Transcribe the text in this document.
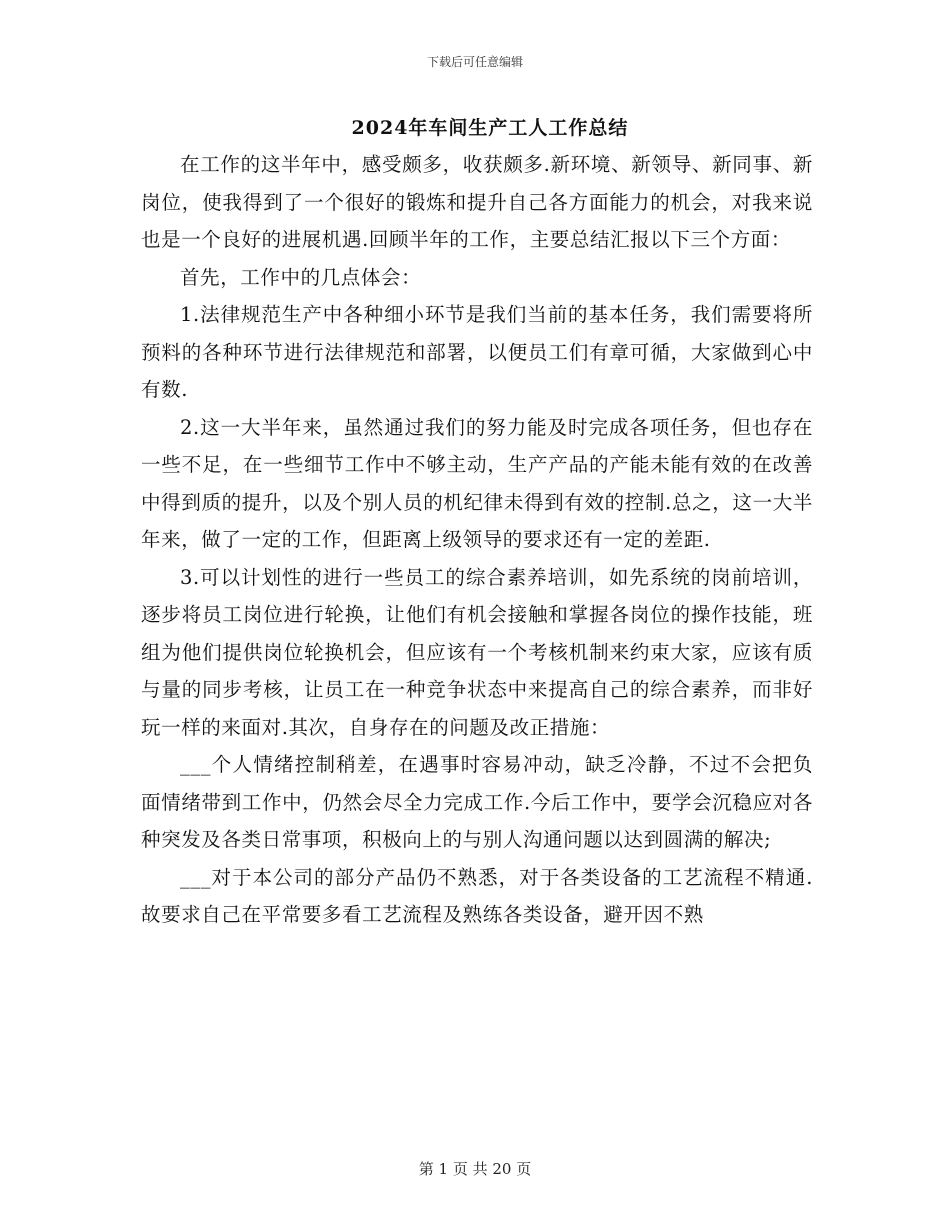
下载后可任意编辑
2024年车间生产工人工作总结

在工作的这半年中，感受颇多，收获颇多.新环境、新领导、新同事、新岗位，使我得到了一个很好的锻炼和提升自己各方面能力的机会，对我来说也是一个良好的进展机遇.回顾半年的工作，主要总结汇报以下三个方面：

首先，工作中的几点体会：

1.法律规范生产中各种细小环节是我们当前的基本任务，我们需要将所预料的各种环节进行法律规范和部署，以便员工们有章可循，大家做到心中有数.

2.这一大半年来，虽然通过我们的努力能及时完成各项任务，但也存在一些不足，在一些细节工作中不够主动，生产产品的产能未能有效的在改善中得到质的提升，以及个别人员的机纪律未得到有效的控制.总之，这一大半年来，做了一定的工作，但距离上级领导的要求还有一定的差距.

3.可以计划性的进行一些员工的综合素养培训，如先系统的岗前培训，逐步将员工岗位进行轮换，让他们有机会接触和掌握各岗位的操作技能，班组为他们提供岗位轮换机会，但应该有一个考核机制来约束大家，应该有质与量的同步考核，让员工在一种竞争状态中来提高自己的综合素养，而非好玩一样的来面对.其次，自身存在的问题及改正措施：

___个人情绪控制稍差，在遇事时容易冲动，缺乏冷静，不过不会把负面情绪带到工作中，仍然会尽全力完成工作.今后工作中，要学会沉稳应对各种突发及各类日常事项，积极向上的与别人沟通问题以达到圆满的解决;

___对于本公司的部分产品仍不熟悉，对于各类设备的工艺流程不精通.故要求自己在平常要多看工艺流程及熟练各类设备，避开因不熟

第 1 页 共 20 页
